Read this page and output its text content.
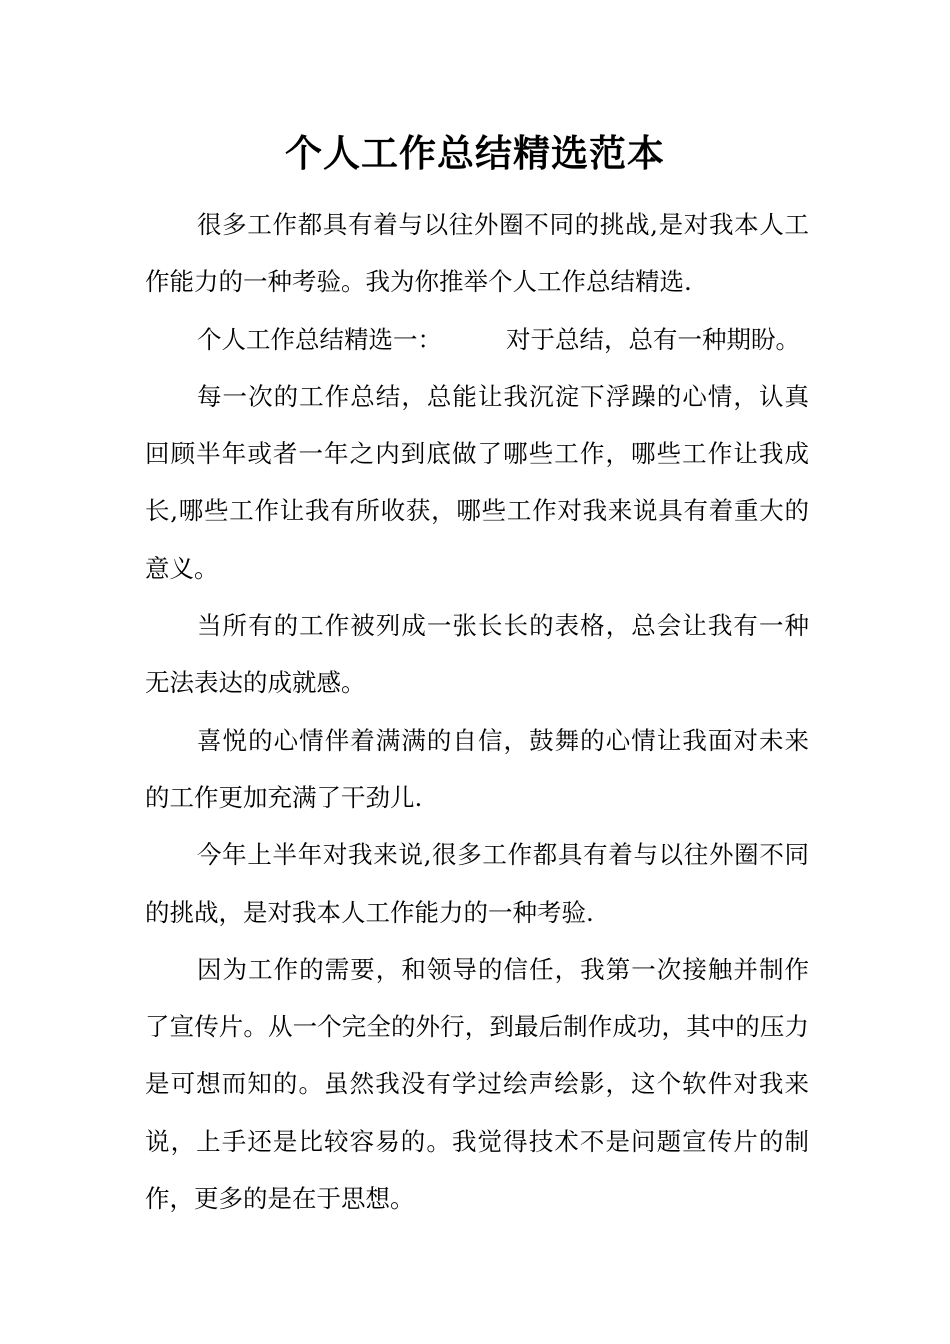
个人工作总结精选范本

很多工作都具有着与以往外圈不同的挑战,是对我本人工作能力的一种考验。我为你推举个人工作总结精选.

个人工作总结精选一：	对于总结，总有一种期盼。

每一次的工作总结，总能让我沉淀下浮躁的心情，认真回顾半年或者一年之内到底做了哪些工作，哪些工作让我成长,哪些工作让我有所收获，哪些工作对我来说具有着重大的意义。

当所有的工作被列成一张长长的表格，总会让我有一种无法表达的成就感。

喜悦的心情伴着满满的自信，鼓舞的心情让我面对未来的工作更加充满了干劲儿.

今年上半年对我来说,很多工作都具有着与以往外圈不同的挑战，是对我本人工作能力的一种考验.

因为工作的需要，和领导的信任，我第一次接触并制作了宣传片。从一个完全的外行，到最后制作成功，其中的压力是可想而知的。虽然我没有学过绘声绘影，这个软件对我来说，上手还是比较容易的。我觉得技术不是问题宣传片的制作，更多的是在于思想。
